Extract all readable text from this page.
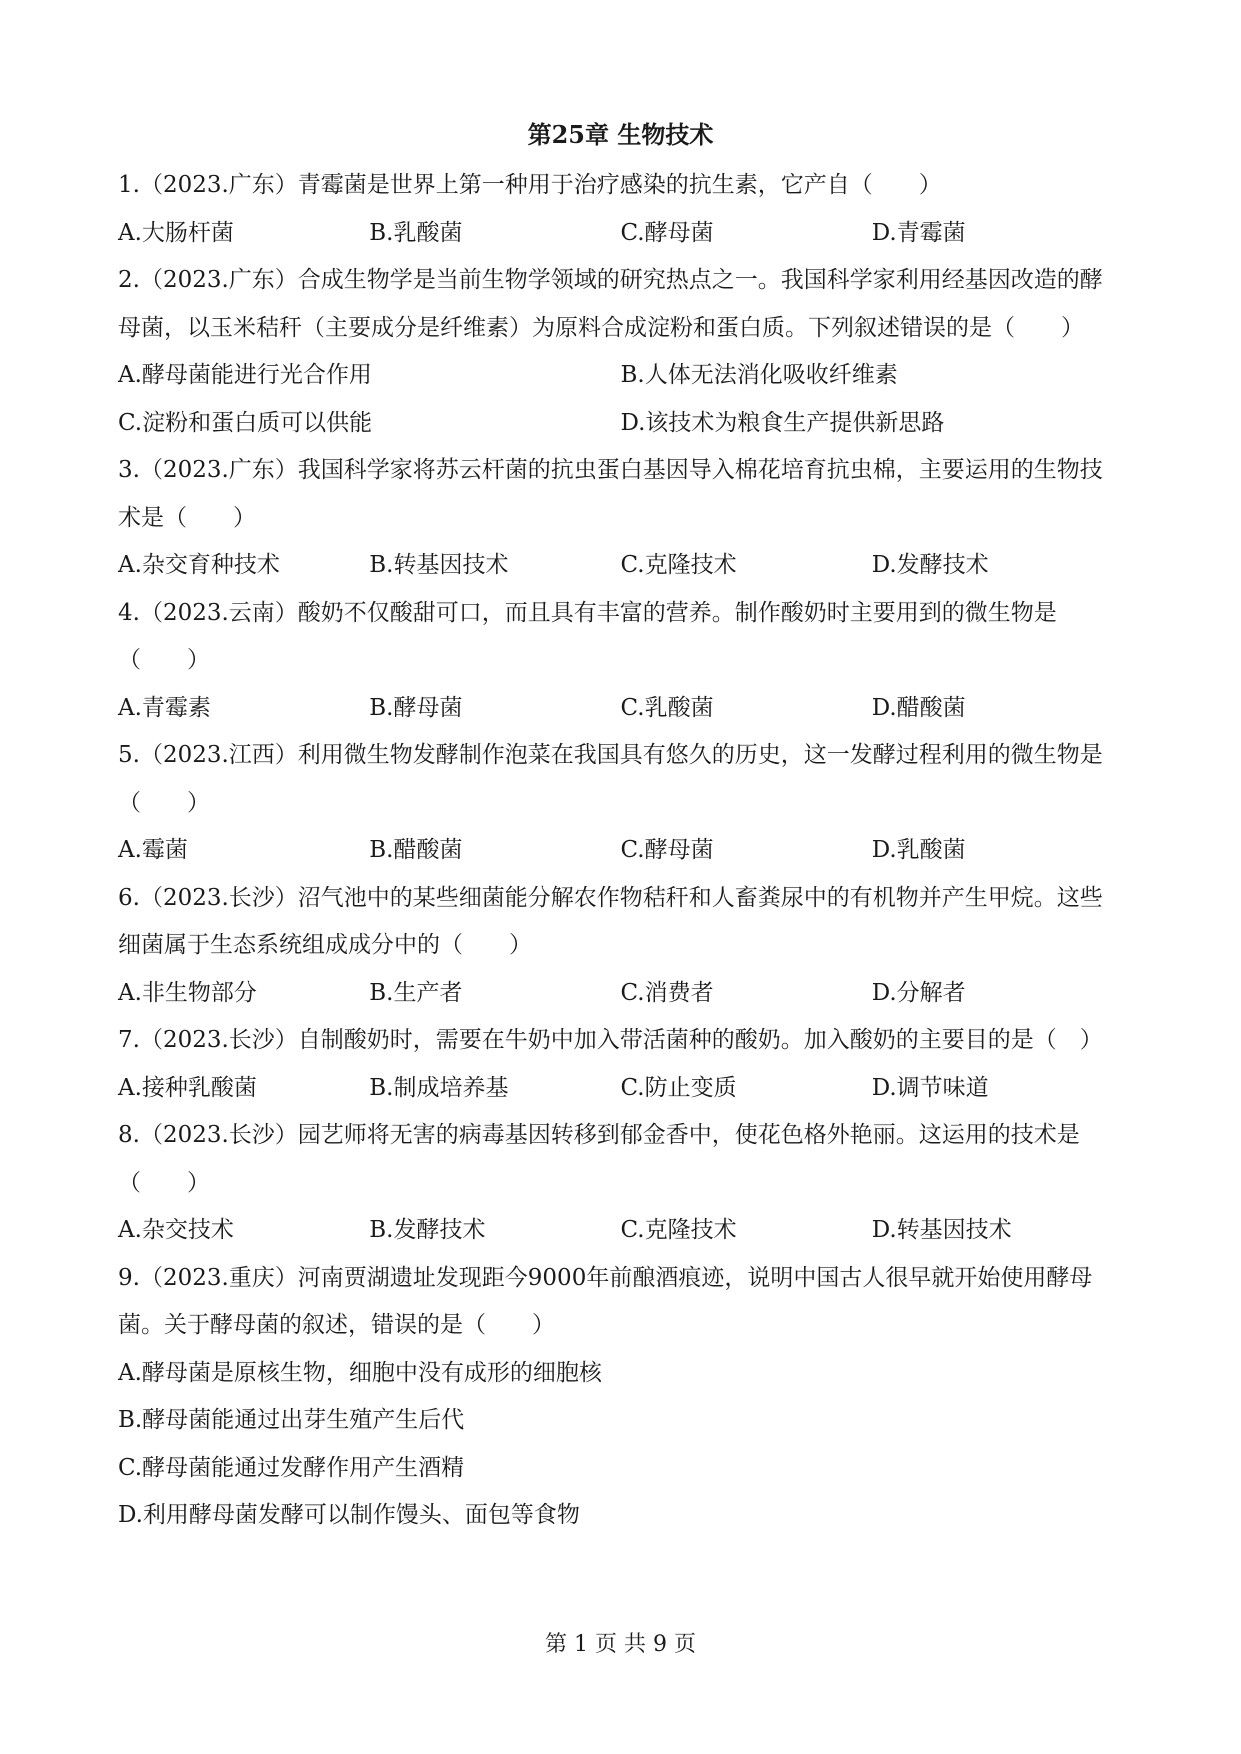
第25章 生物技术

1.（2023.广东）青霉菌是世界上第一种用于治疗感染的抗生素，它产自（　　）

A.大肠杆菌	B.乳酸菌	C.酵母菌	D.青霉菌

2.（2023.广东）合成生物学是当前生物学领域的研究热点之一。我国科学家利用经基因改造的酵母菌，以玉米秸秆（主要成分是纤维素）为原料合成淀粉和蛋白质。下列叙述错误的是（　　）

A.酵母菌能进行光合作用	B.人体无法消化吸收纤维素
C.淀粉和蛋白质可以供能	D.该技术为粮食生产提供新思路

3.（2023.广东）我国科学家将苏云杆菌的抗虫蛋白基因导入棉花培育抗虫棉，主要运用的生物技术是（　　）

A.杂交育种技术	B.转基因技术	C.克隆技术	D.发酵技术

4.（2023.云南）酸奶不仅酸甜可口，而且具有丰富的营养。制作酸奶时主要用到的微生物是（　　）

A.青霉素	B.酵母菌	C.乳酸菌	D.醋酸菌

5.（2023.江西）利用微生物发酵制作泡菜在我国具有悠久的历史，这一发酵过程利用的微生物是（　　）

A.霉菌	B.醋酸菌	C.酵母菌	D.乳酸菌

6.（2023.长沙）沼气池中的某些细菌能分解农作物秸秆和人畜粪尿中的有机物并产生甲烷。这些细菌属于生态系统组成成分中的（　　）

A.非生物部分	B.生产者	C.消费者	D.分解者

7.（2023.长沙）自制酸奶时，需要在牛奶中加入带活菌种的酸奶。加入酸奶的主要目的是（　）

A.接种乳酸菌	B.制成培养基	C.防止变质	D.调节味道

8.（2023.长沙）园艺师将无害的病毒基因转移到郁金香中，使花色格外艳丽。这运用的技术是（　　）

A.杂交技术	B.发酵技术	C.克隆技术	D.转基因技术

9.（2023.重庆）河南贾湖遗址发现距今9000年前酿酒痕迹，说明中国古人很早就开始使用酵母菌。关于酵母菌的叙述，错误的是（　　）

A.酵母菌是原核生物，细胞中没有成形的细胞核
B.酵母菌能通过出芽生殖产生后代
C.酵母菌能通过发酵作用产生酒精
D.利用酵母菌发酵可以制作馒头、面包等食物
第 1 页 共 9 页
